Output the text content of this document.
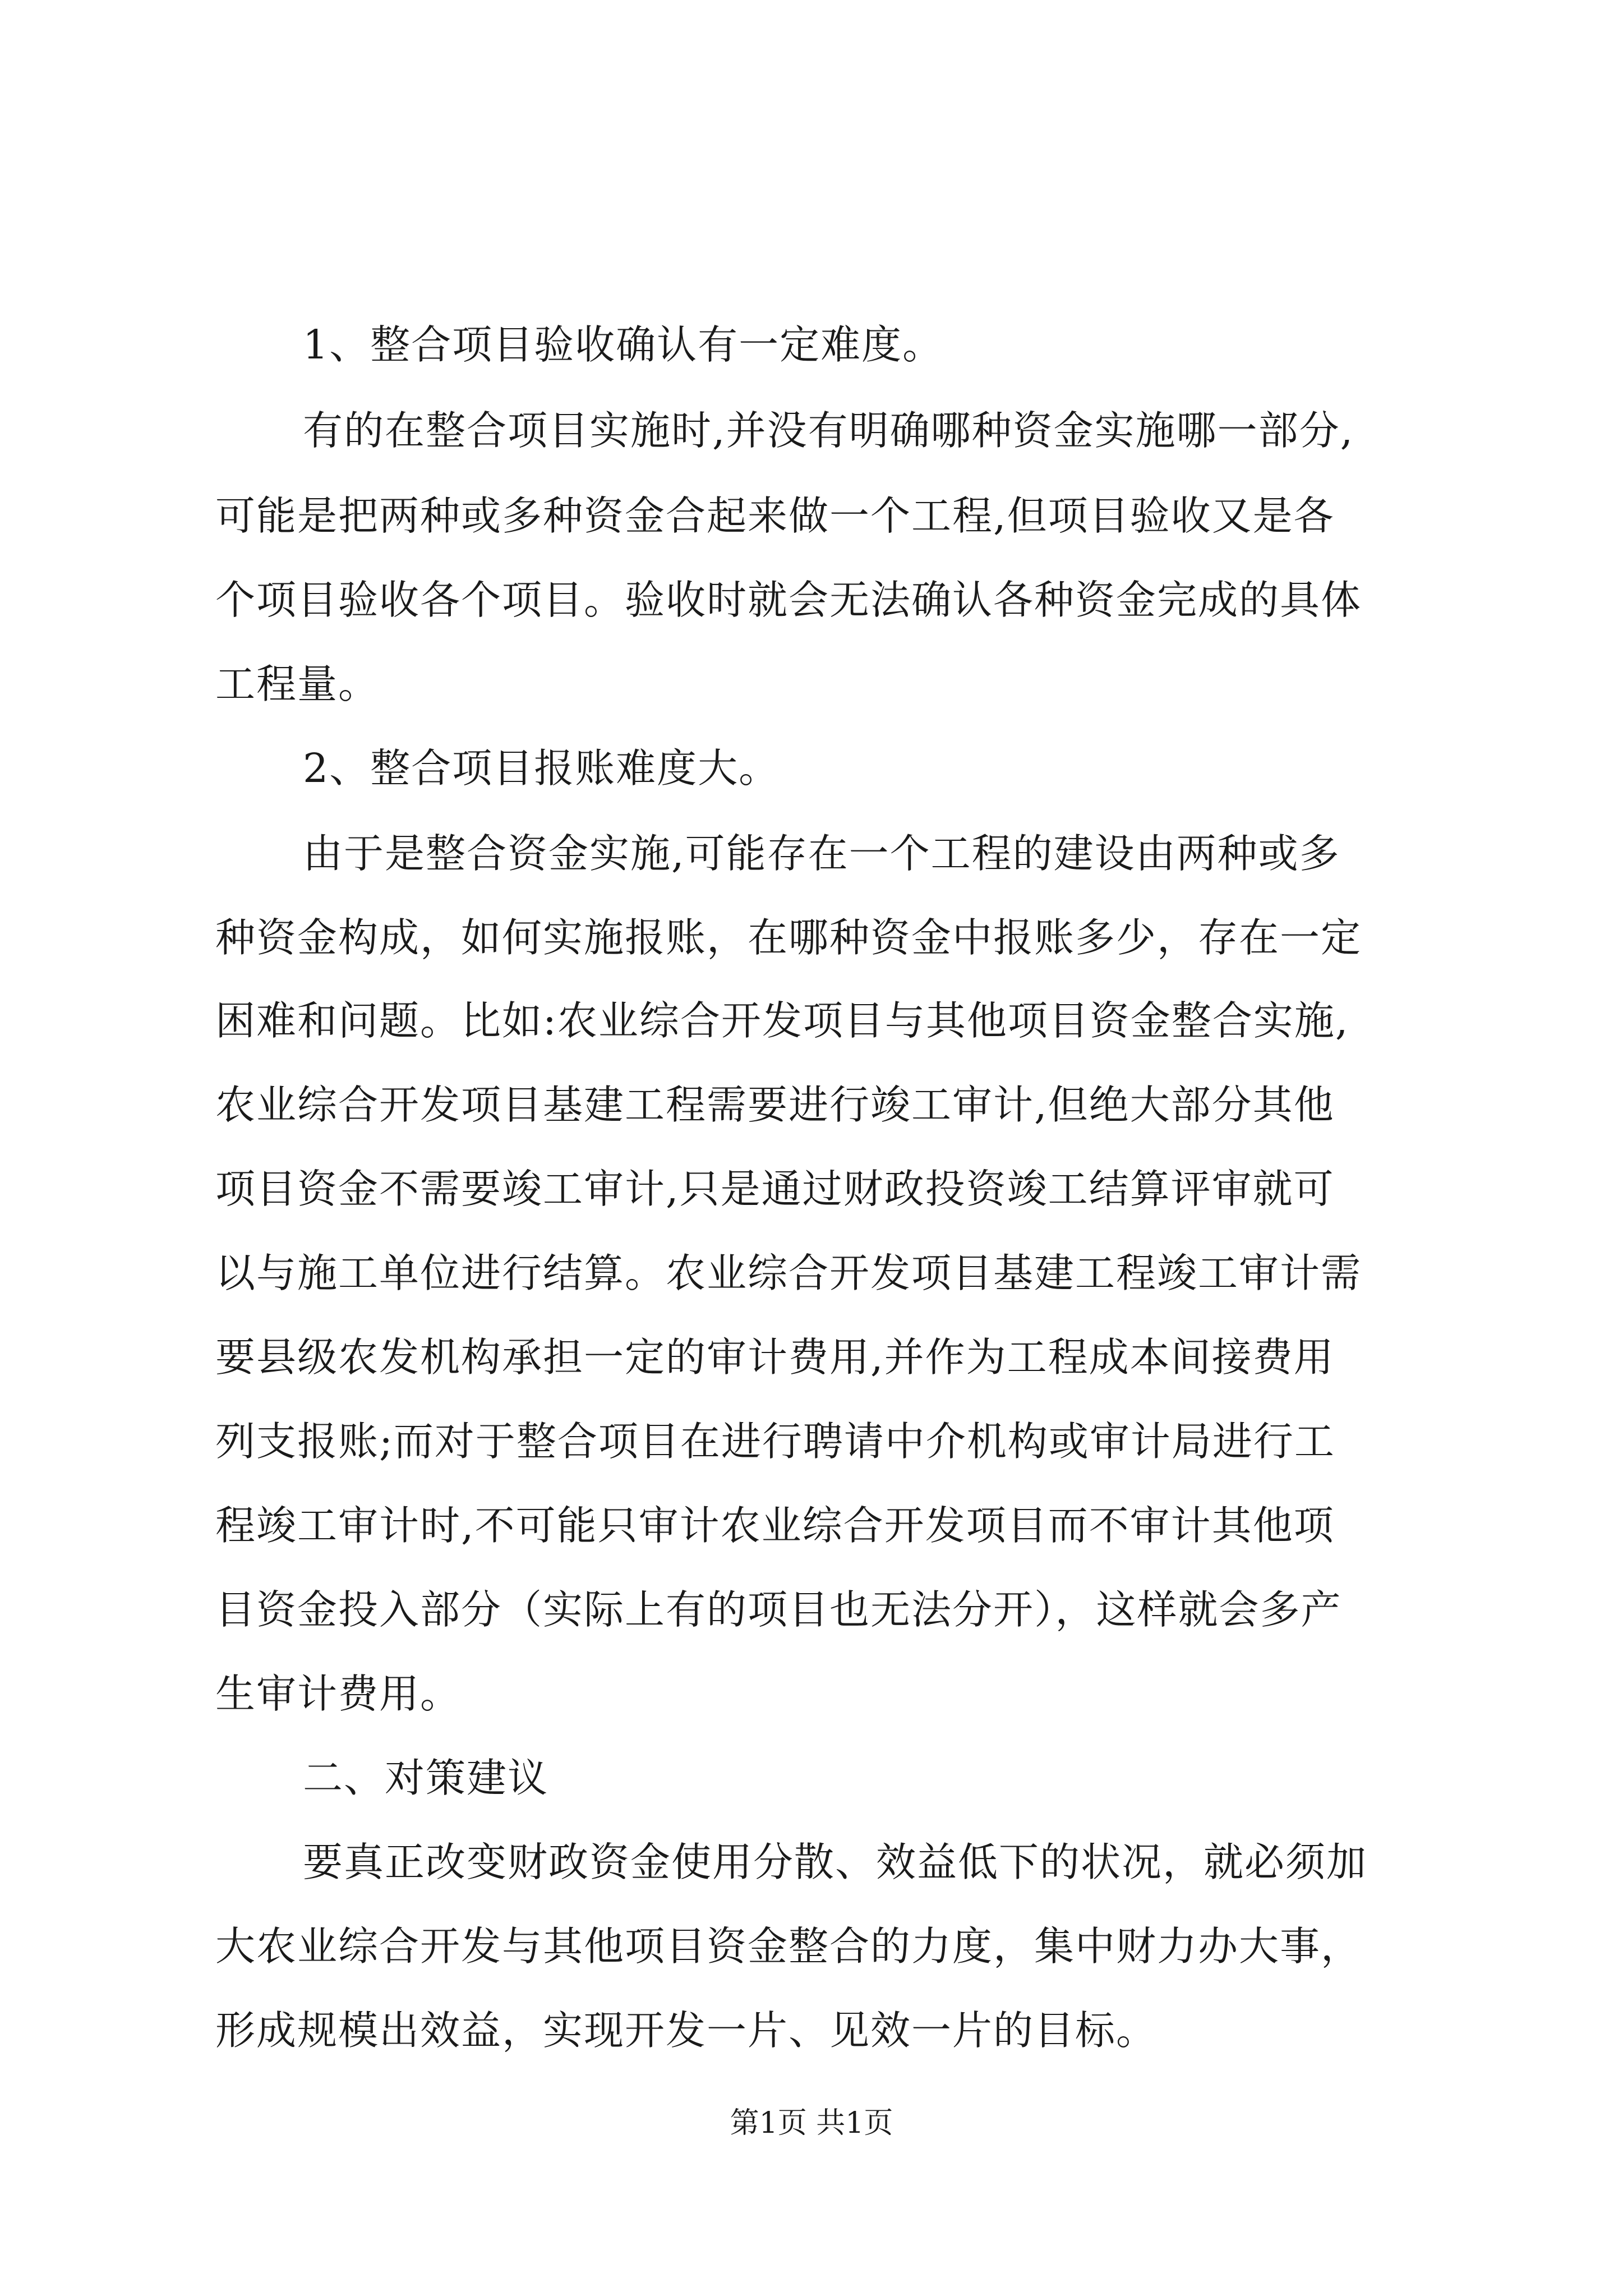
1、整合项目验收确认有一定难度。
有的在整合项目实施时,并没有明确哪种资金实施哪一部分,
可能是把两种或多种资金合起来做一个工程,但项目验收又是各
个项目验收各个项目。验收时就会无法确认各种资金完成的具体
工程量。
2、整合项目报账难度大。
由于是整合资金实施,可能存在一个工程的建设由两种或多
种资金构成，如何实施报账，在哪种资金中报账多少，存在一定
困难和问题。比如:农业综合开发项目与其他项目资金整合实施,
农业综合开发项目基建工程需要进行竣工审计,但绝大部分其他
项目资金不需要竣工审计,只是通过财政投资竣工结算评审就可
以与施工单位进行结算。农业综合开发项目基建工程竣工审计需
要县级农发机构承担一定的审计费用,并作为工程成本间接费用
列支报账;而对于整合项目在进行聘请中介机构或审计局进行工
程竣工审计时,不可能只审计农业综合开发项目而不审计其他项
目资金投入部分（实际上有的项目也无法分开），这样就会多产
生审计费用。
二、对策建议
要真正改变财政资金使用分散、效益低下的状况，就必须加
大农业综合开发与其他项目资金整合的力度，集中财力办大事，
形成规模出效益，实现开发一片、见效一片的目标。
第1页 共1页
